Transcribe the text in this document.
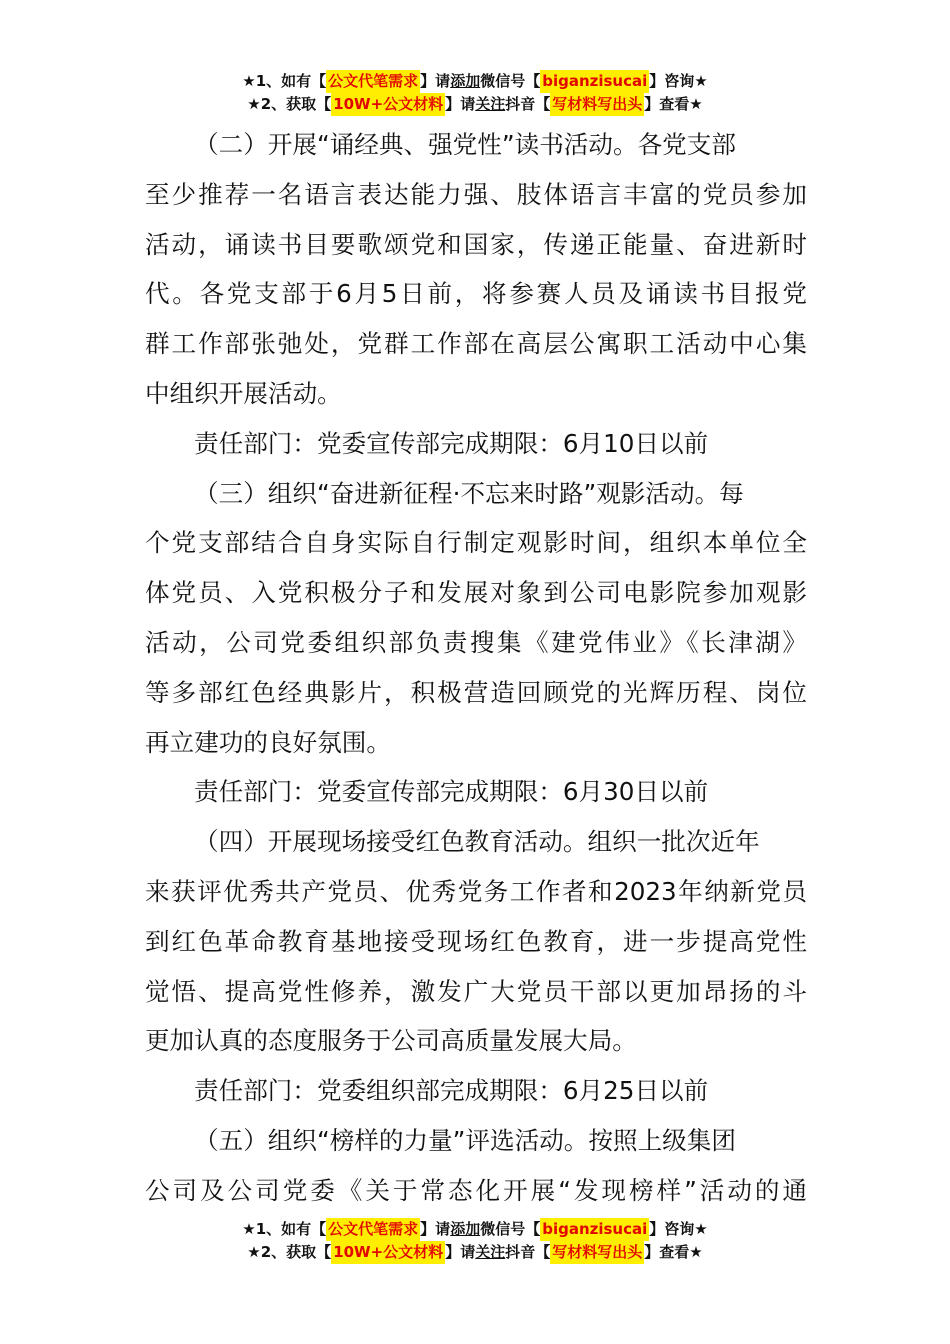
★1、如有【 公文代笔需求 】请 添加 微信号【 biganzisucai 】咨询★
★2、获取【 10W+公文材料 】请 关注 抖音【 写材料写出头 】查看★
（二）开展“诵经典、强党性”读书活动。各党支部
至少推荐一名语言表达能力强、肢体语言丰富的党员参加
活动，诵读书目要歌颂党和国家，传递正能量、奋进新时
代。各党支部于6月5日前，将参赛人员及诵读书目报党
群工作部张弛处，党群工作部在高层公寓职工活动中心集
中组织开展活动。
责任部门：党委宣传部完成期限：6月10日以前
（三）组织“奋进新征程·不忘来时路”观影活动。每
个党支部结合自身实际自行制定观影时间，组织本单位全
体党员、入党积极分子和发展对象到公司电影院参加观影
活动，公司党委组织部负责搜集《建党伟业》《长津湖》
等多部红色经典影片，积极营造回顾党的光辉历程、岗位
再立建功的良好氛围。
责任部门：党委宣传部完成期限：6月30日以前
（四）开展现场接受红色教育活动。组织一批次近年
来获评优秀共产党员、优秀党务工作者和2023年纳新党员
到红色革命教育基地接受现场红色教育，进一步提高党性
觉悟、提高党性修养，激发广大党员干部以更加昂扬的斗
更加认真的态度服务于公司高质量发展大局。
责任部门：党委组织部完成期限：6月25日以前
（五）组织“榜样的力量”评选活动。按照上级集团
公司及公司党委《关于常态化开展“发现榜样”活动的通
★1、如有【 公文代笔需求 】请 添加 微信号【 biganzisucai 】咨询★
★2、获取【 10W+公文材料 】请 关注 抖音【 写材料写出头 】查看★
